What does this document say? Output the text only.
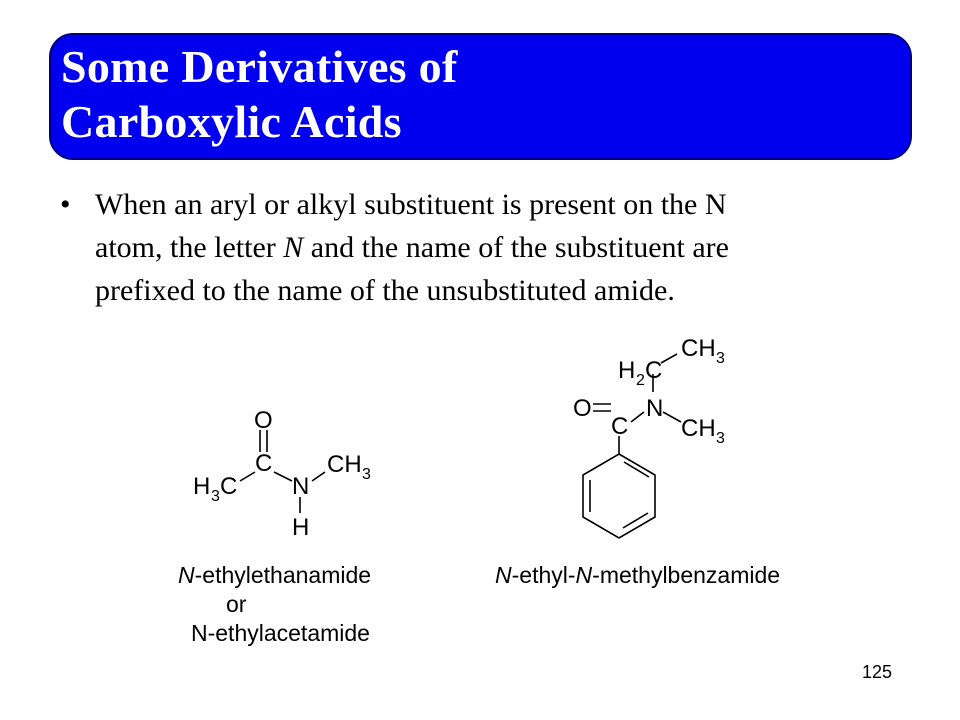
Some Derivatives of
Carboxylic Acids
• When an aryl or alkyl substituent is present on the N
atom, the letter N and the name of the substituent are
prefixed to the name of the unsubstituted amide.
O
C
H 3 C N
CH 3
H
N-ethylethanamide
or
N-ethylacetamide
H 2 C
CH 3
O
C
N
CH 3
N-ethyl-N-methylbenzamide
125
